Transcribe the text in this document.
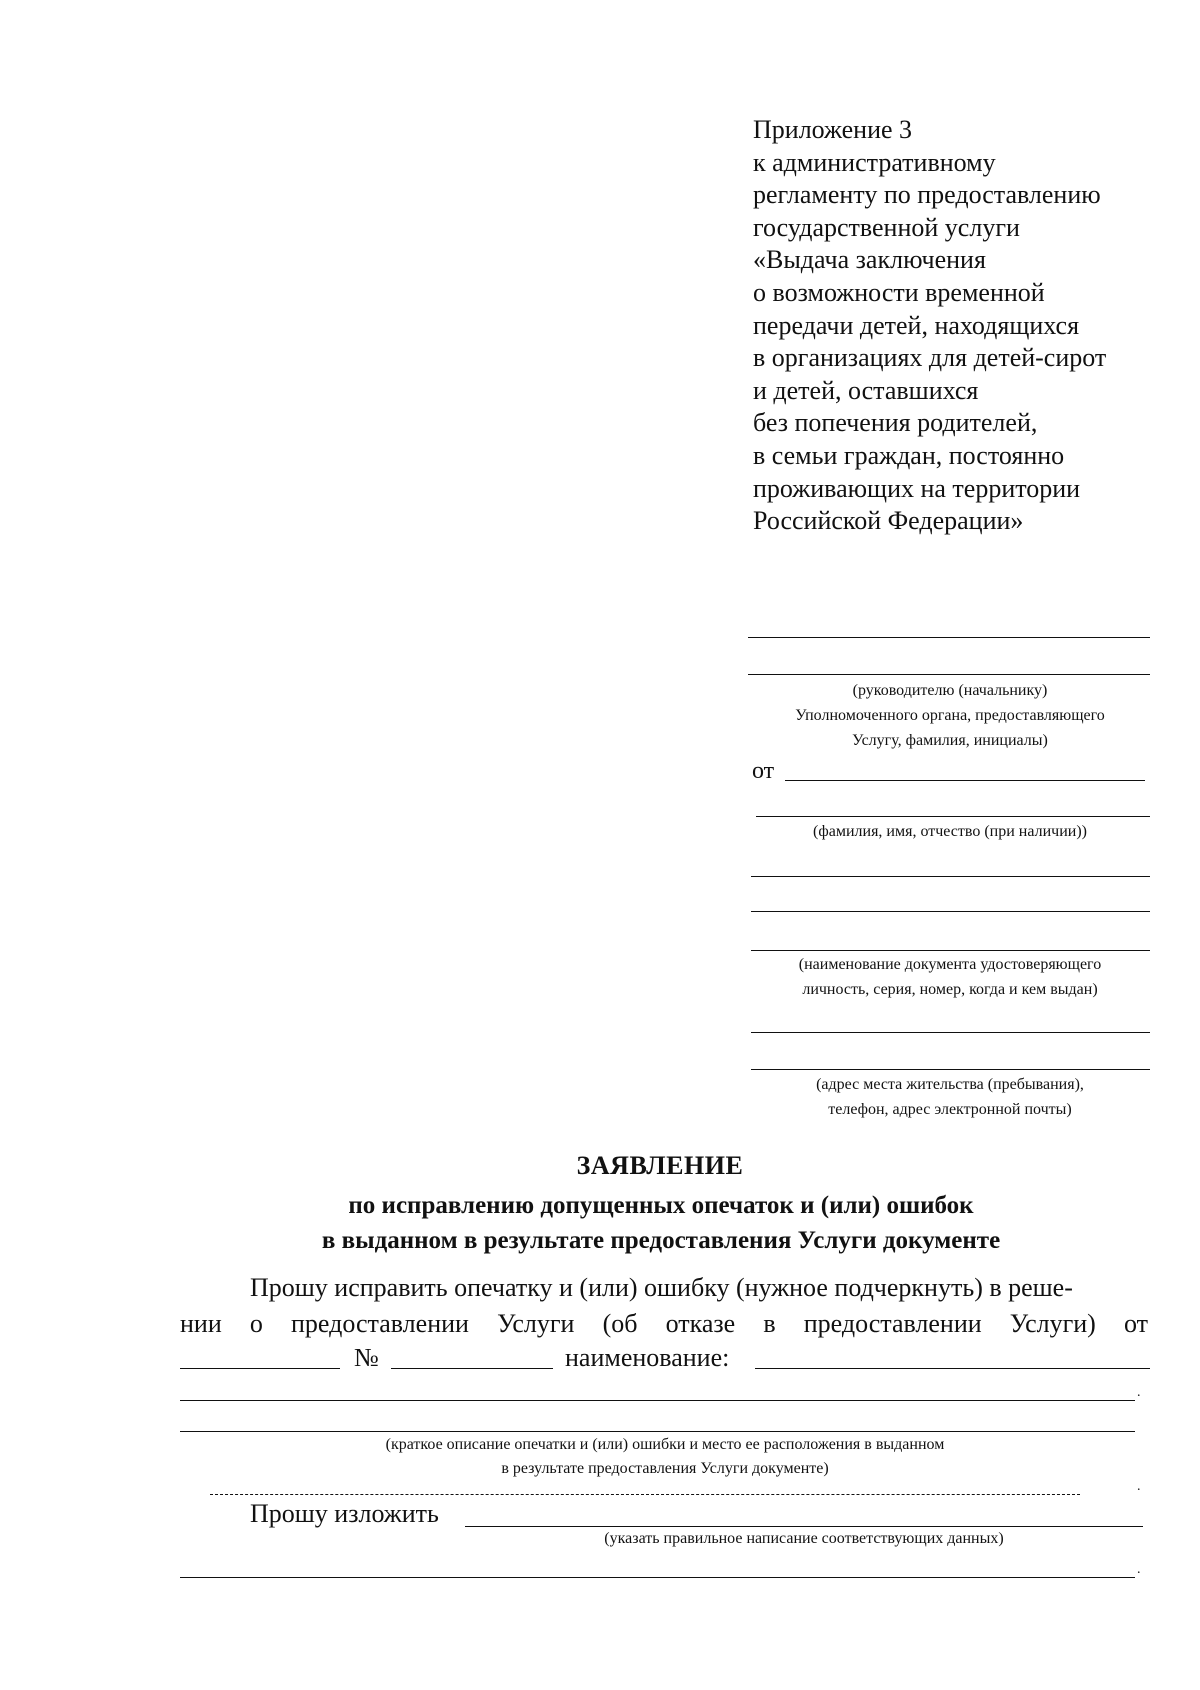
Приложение 3
к административному
регламенту по предоставлению
государственной услуги
«Выдача заключения
о возможности временной
передачи детей, находящихся
в организациях для детей-сирот
и детей, оставшихся
без попечения родителей,
в семьи граждан, постоянно
проживающих на территории
Российской Федерации»
(руководителю (начальнику)
Уполномоченного органа, предоставляющего
Услугу, фамилия, инициалы)
от
(фамилия, имя, отчество (при наличии))
(наименование документа удостоверяющего
личность, серия, номер, когда и кем выдан)
(адрес места жительства (пребывания),
телефон, адрес электронной почты)
ЗАЯВЛЕНИЕ
по исправлению допущенных опечаток и (или) ошибок
в выданном в результате предоставления Услуги документе
Прошу исправить опечатку и (или) ошибку (нужное подчеркнуть) в реше-
нии о предоставлении Услуги (об отказе в предоставлении Услуги) от
№	наименование:
.
(краткое описание опечатки и (или) ошибки и место ее расположения в выданном
в результате предоставления Услуги документе)
.
Прошу изложить
(указать правильное написание соответствующих данных)
.
